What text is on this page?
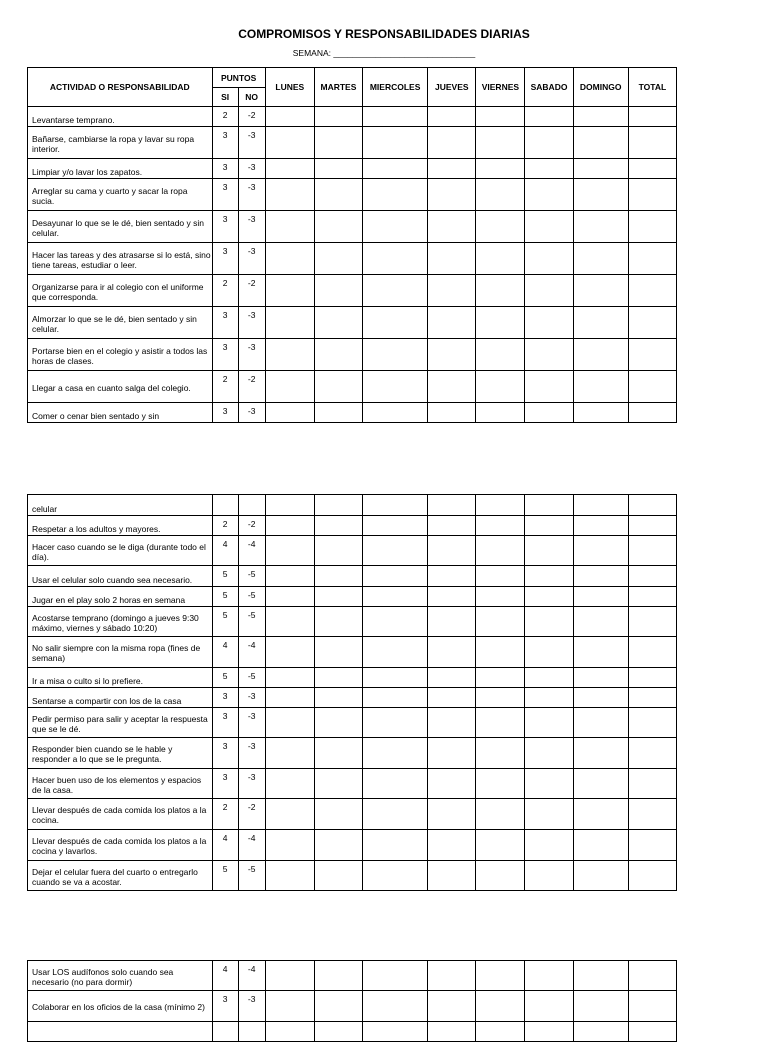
COMPROMISOS Y RESPONSABILIDADES DIARIAS
SEMANA: ______________________________
ACTIVIDAD O RESPONSABILIDAD	PUNTOS		LUNES	MARTES	MIERCOLES	JUEVES	VIERNES	SABADO	DOMINGO	TOTAL
	SI	NO								
Levantarse temprano.	2	-2								
Bañarse, cambiarse la ropa y lavar su ropa interior.	3	-3								
Limpiar y/o lavar los zapatos.	3	-3								
Arreglar su cama y cuarto y sacar la ropa sucia.	3	-3								
Desayunar lo que se le dé, bien sentado y sin celular.	3	-3								
Hacer las tareas y des atrasarse si lo está, sino tiene tareas, estudiar o leer.	3	-3								
Organizarse para ir al colegio con el uniforme que corresponda.	2	-2								
Almorzar lo que se le dé, bien sentado y sin celular.	3	-3								
Portarse bien en el colegio y asistir a todos las horas de clases.	3	-3								
Llegar a casa en cuanto salga del colegio.	2	-2								
Comer o cenar bien sentado y sin	3	-3								
celular										
Respetar a los adultos y mayores.	2	-2								
Hacer caso cuando se le diga (durante todo el día).	4	-4								
Usar el celular solo cuando sea necesario.	5	-5								
Jugar en el play solo 2 horas en semana	5	-5								
Acostarse temprano (domingo a jueves 9:30 máximo, viernes y sábado 10:20)	5	-5								
No salir siempre con la misma ropa (fines de semana)	4	-4								
Ir a misa o culto si lo prefiere.	5	-5								
Sentarse a compartir con los de la casa	3	-3								
Pedir permiso para salir y aceptar la respuesta que se le dé.	3	-3								
Responder bien cuando se le hable y responder a lo que se le pregunta.	3	-3								
Hacer buen uso de los elementos y espacios de la casa.	3	-3								
Llevar después de cada comida los platos a la cocina.	2	-2								
Llevar después de cada comida los platos a la cocina y lavarlos.	4	-4								
Dejar el celular fuera del cuarto o entregarlo cuando se va a acostar.	5	-5								
Usar LOS audífonos solo cuando sea necesario (no para dormir)	4	-4								
Colaborar en los oficios de la casa (mínimo 2)	3	-3								
